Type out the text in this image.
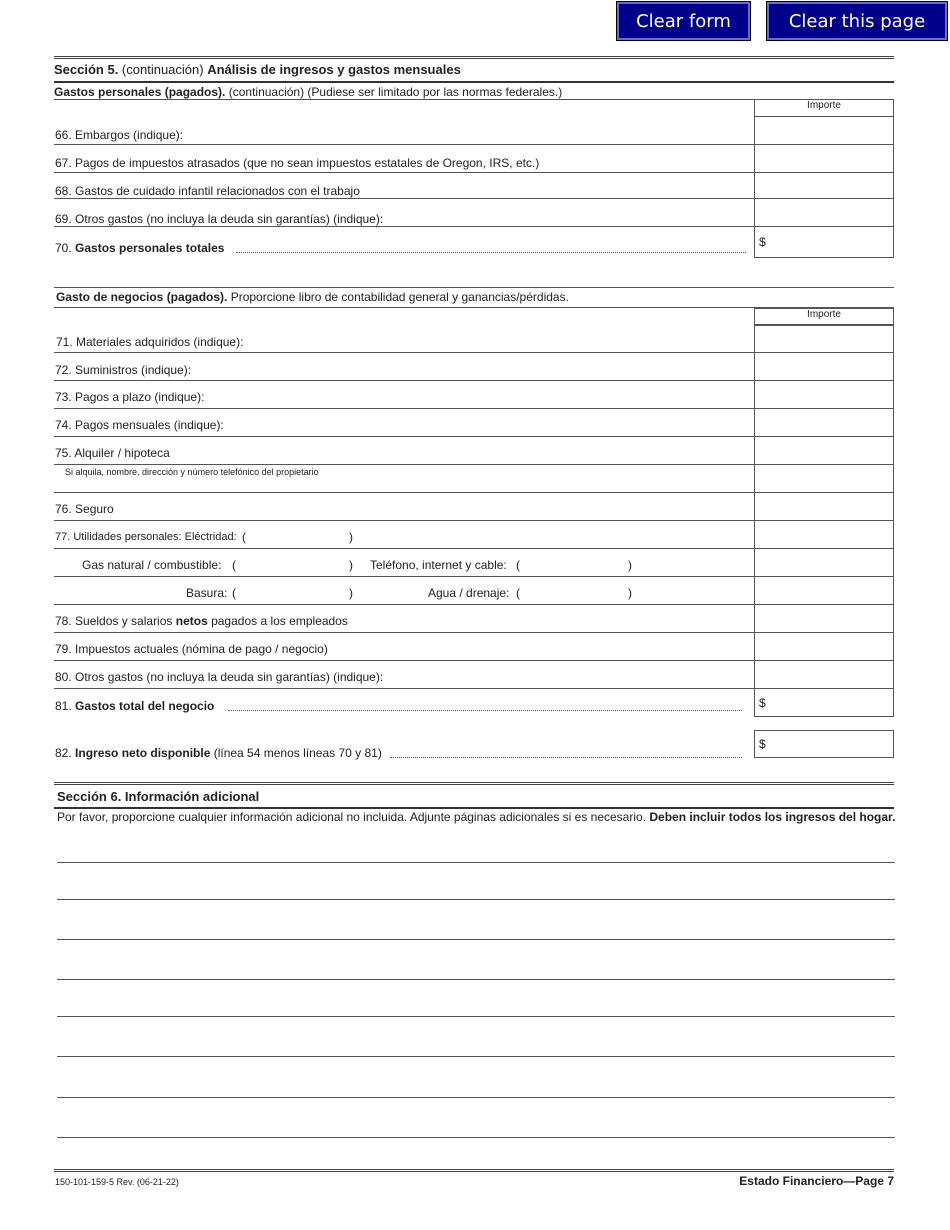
Clear form	Clear this page
Sección 5. (continuación) Análisis de ingresos y gastos mensuales
Gastos personales (pagados). (continuación) (Pudiese ser limitado por las normas federales.)
Importe
66. Embargos (indique):
67. Pagos de impuestos atrasados (que no sean impuestos estatales de Oregon, IRS, etc.)
68. Gastos de cuidado infantil relacionados con el trabajo
69. Otros gastos (no incluya la deuda sin garantías) (indique):
70. Gastos personales totales
$
Gasto de negocios (pagados). Proporcione libro de contabilidad general y ganancias/pérdidas.
Importe
71. Materiales adquiridos (indique):
72. Suministros (indique):
73. Pagos a plazo (indique):
74. Pagos mensuales (indique):
75. Alquiler / hipoteca
Si alquila, nombre, dirección y número telefónico del propietario
76. Seguro
77. Utilidades personales: Eléctridad: (	)
Gas natural / combustible: (	) Teléfono, internet y cable: (	)
Basura: (	)	Agua / drenaje: (	)
78. Sueldos y salarios netos pagados a los empleados
79. Impuestos actuales (nómina de pago / negocio)
80. Otros gastos (no incluya la deuda sin garantías) (indique):
81. Gastos total del negocio
$
82. Ingreso neto disponible (línea 54 menos líneas 70 y 81)
$
Sección 6. Información adicional
Por favor, proporcione cualquier información adicional no incluida. Adjunte páginas adicionales si es necesario. Deben incluir todos los ingresos del hogar.
150-101-159-5 Rev. (06-21-22)	Estado Financiero—Page 7
